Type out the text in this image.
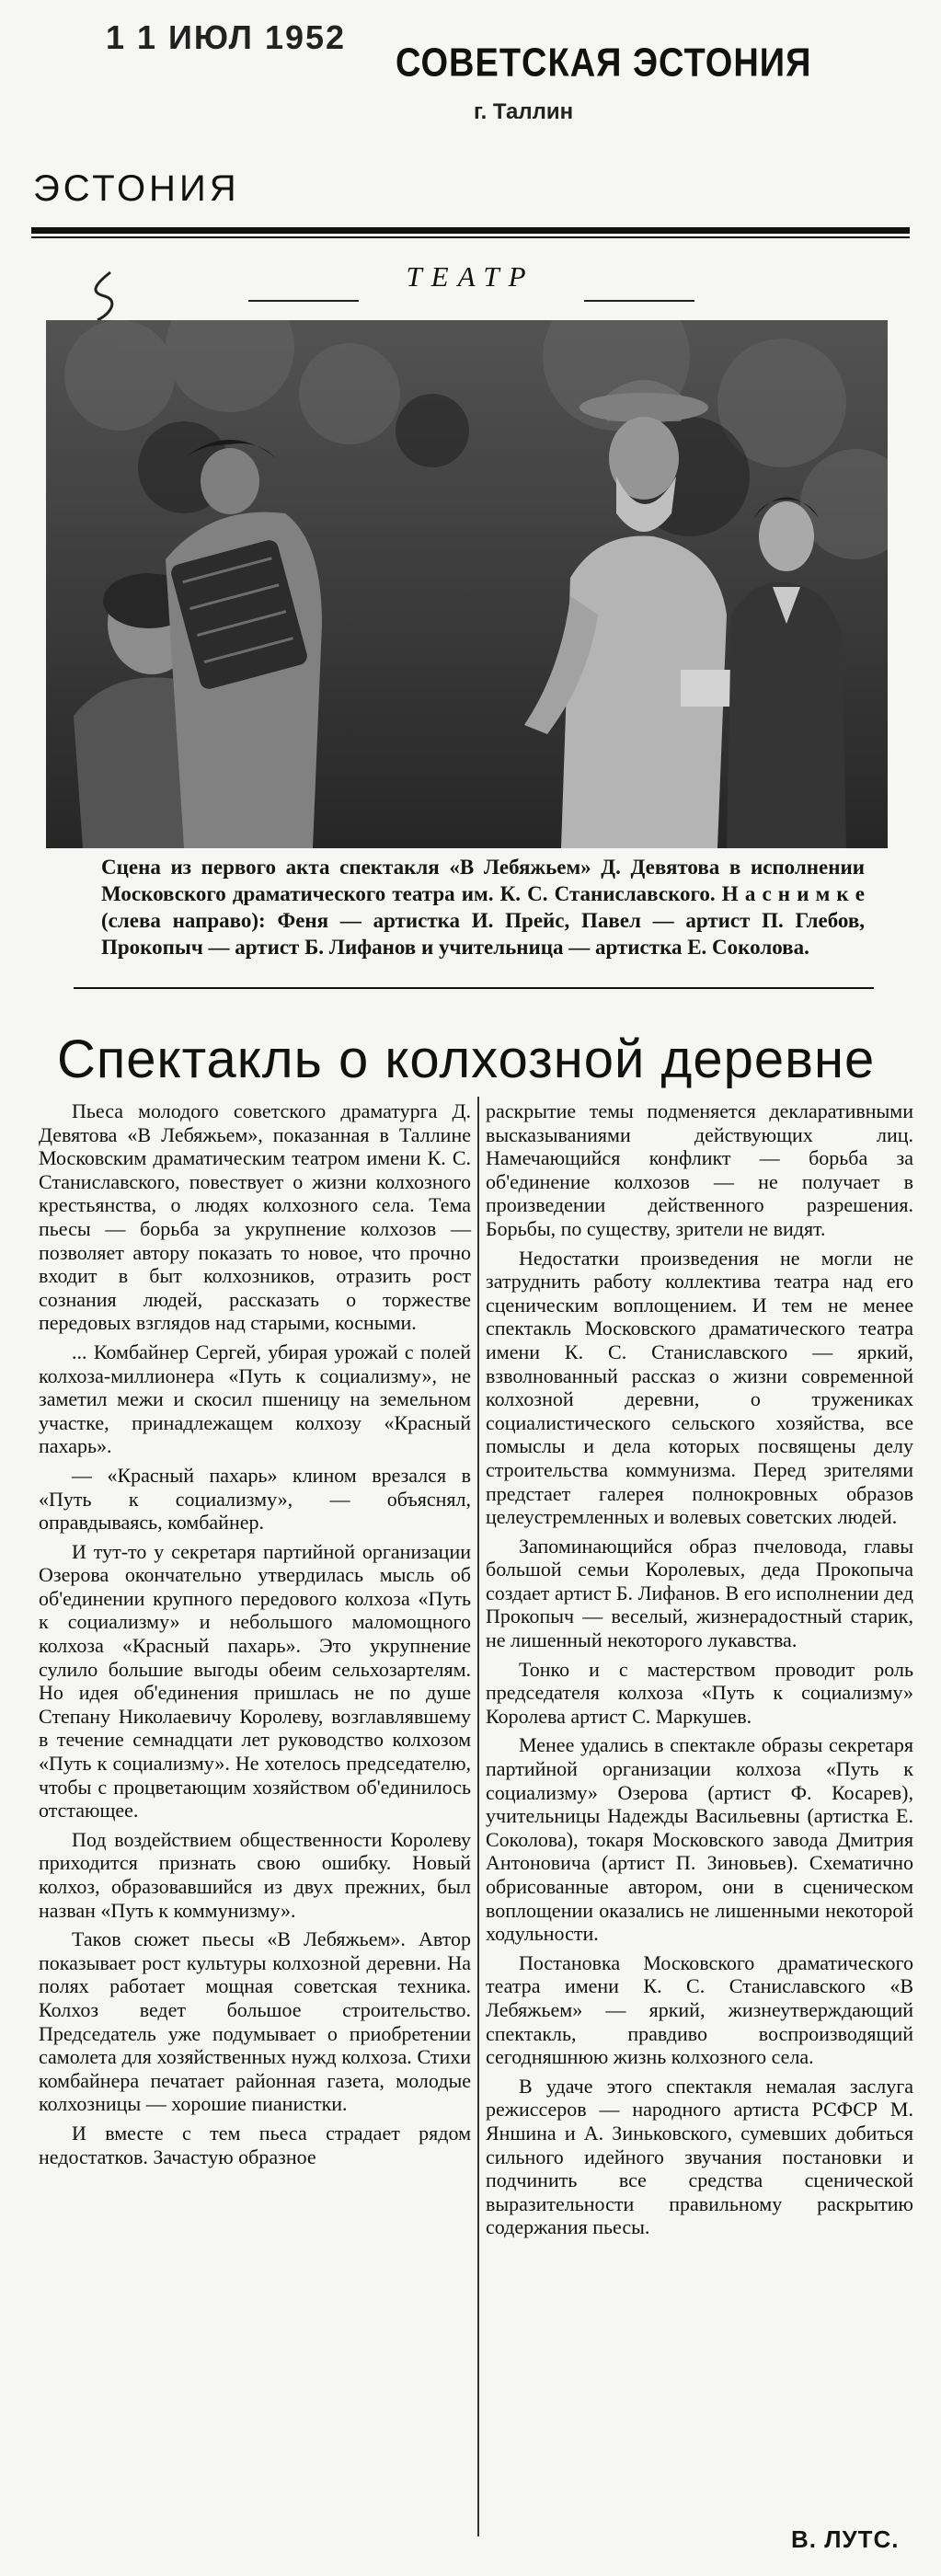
1 1 ИЮЛ 1952
СОВЕТСКАЯ ЭСТОНИЯ
г. Таллин
ЭСТОНИЯ
ТЕАТР

Сцена из первого акта спектакля «В Лебяжьем» Д. Девятова в исполнении Московского драматического театра им. К. С. Станиславского. Н а с н и м к е (слева направо): Феня — артистка И. Прейс, Павел — артист П. Глебов, Прокопыч — артист Б. Лифанов и учительница — артистка Е. Соколова.

Спектакль о колхозной деревне

Пьеса молодого советского драматурга Д. Девятова «В Лебяжьем», показанная в Таллине Московским драматическим театром имени К. С. Станиславского, повествует о жизни колхозного крестьянства, о людях колхозного села. Тема пьесы — борьба за укрупнение колхозов — позволяет автору показать то новое, что прочно входит в быт колхозников, отразить рост сознания людей, рассказать о торжестве передовых взглядов над старыми, косными.

... Комбайнер Сергей, убирая урожай с полей колхоза-миллионера «Путь к социализму», не заметил межи и скосил пшеницу на земельном участке, принадлежащем колхозу «Красный пахарь».

— «Красный пахарь» клином врезался в «Путь к социализму», — объяснял, оправдываясь, комбайнер.

И тут-то у секретаря партийной организации Озерова окончательно утвердилась мысль об об'единении крупного передового колхоза «Путь к социализму» и небольшого маломощного колхоза «Красный пахарь». Это укрупнение сулило большие выгоды обеим сельхозартелям. Но идея об'единения пришлась не по душе Степану Николаевичу Королеву, возглавлявшему в течение семнадцати лет руководство колхозом «Путь к социализму». Не хотелось председателю, чтобы с процветающим хозяйством об'единилось отстающее.

Под воздействием общественности Королеву приходится признать свою ошибку. Новый колхоз, образовавшийся из двух прежних, был назван «Путь к коммунизму».

Таков сюжет пьесы «В Лебяжьем». Автор показывает рост культуры колхозной деревни. На полях работает мощная советская техника. Колхоз ведет большое строительство. Председатель уже подумывает о приобретении самолета для хозяйственных нужд колхоза. Стихи комбайнера печатает районная газета, молодые колхозницы — хорошие пианистки.

И вместе с тем пьеса страдает рядом недостатков. Зачастую образное

раскрытие темы подменяется декларативными высказываниями действующих лиц. Намечающийся конфликт — борьба за об'единение колхозов — не получает в произведении действенного разрешения. Борьбы, по существу, зрители не видят.

Недостатки произведения не могли не затруднить работу коллектива театра над его сценическим воплощением. И тем не менее спектакль Московского драматического театра имени К. С. Станиславского — яркий, взволнованный рассказ о жизни современной колхозной деревни, о тружениках социалистического сельского хозяйства, все помыслы и дела которых посвящены делу строительства коммунизма. Перед зрителями предстает галерея полнокровных образов целеустремленных и волевых советских людей.

Запоминающийся образ пчеловода, главы большой семьи Королевых, деда Прокопыча создает артист Б. Лифанов. В его исполнении дед Прокопыч — веселый, жизнерадостный старик, не лишенный некоторого лукавства.

Тонко и с мастерством проводит роль председателя колхоза «Путь к социализму» Королева артист С. Маркушев.

Менее удались в спектакле образы секретаря партийной организации колхоза «Путь к социализму» Озерова (артист Ф. Косарев), учительницы Надежды Васильевны (артистка Е. Соколова), токаря Московского завода Дмитрия Антоновича (артист П. Зиновьев). Схематично обрисованные автором, они в сценическом воплощении оказались не лишенными некоторой ходульности.

Постановка Московского драматического театра имени К. С. Станиславского «В Лебяжьем» — яркий, жизнеутверждающий спектакль, правдиво воспроизводящий сегодняшнюю жизнь колхозного села.

В удаче этого спектакля немалая заслуга режиссеров — народного артиста РСФСР М. Яншина и А. Зиньковского, сумевших добиться сильного идейного звучания постановки и подчинить все средства сценической выразительности правильному раскрытию содержания пьесы.

В. ЛУТС.
